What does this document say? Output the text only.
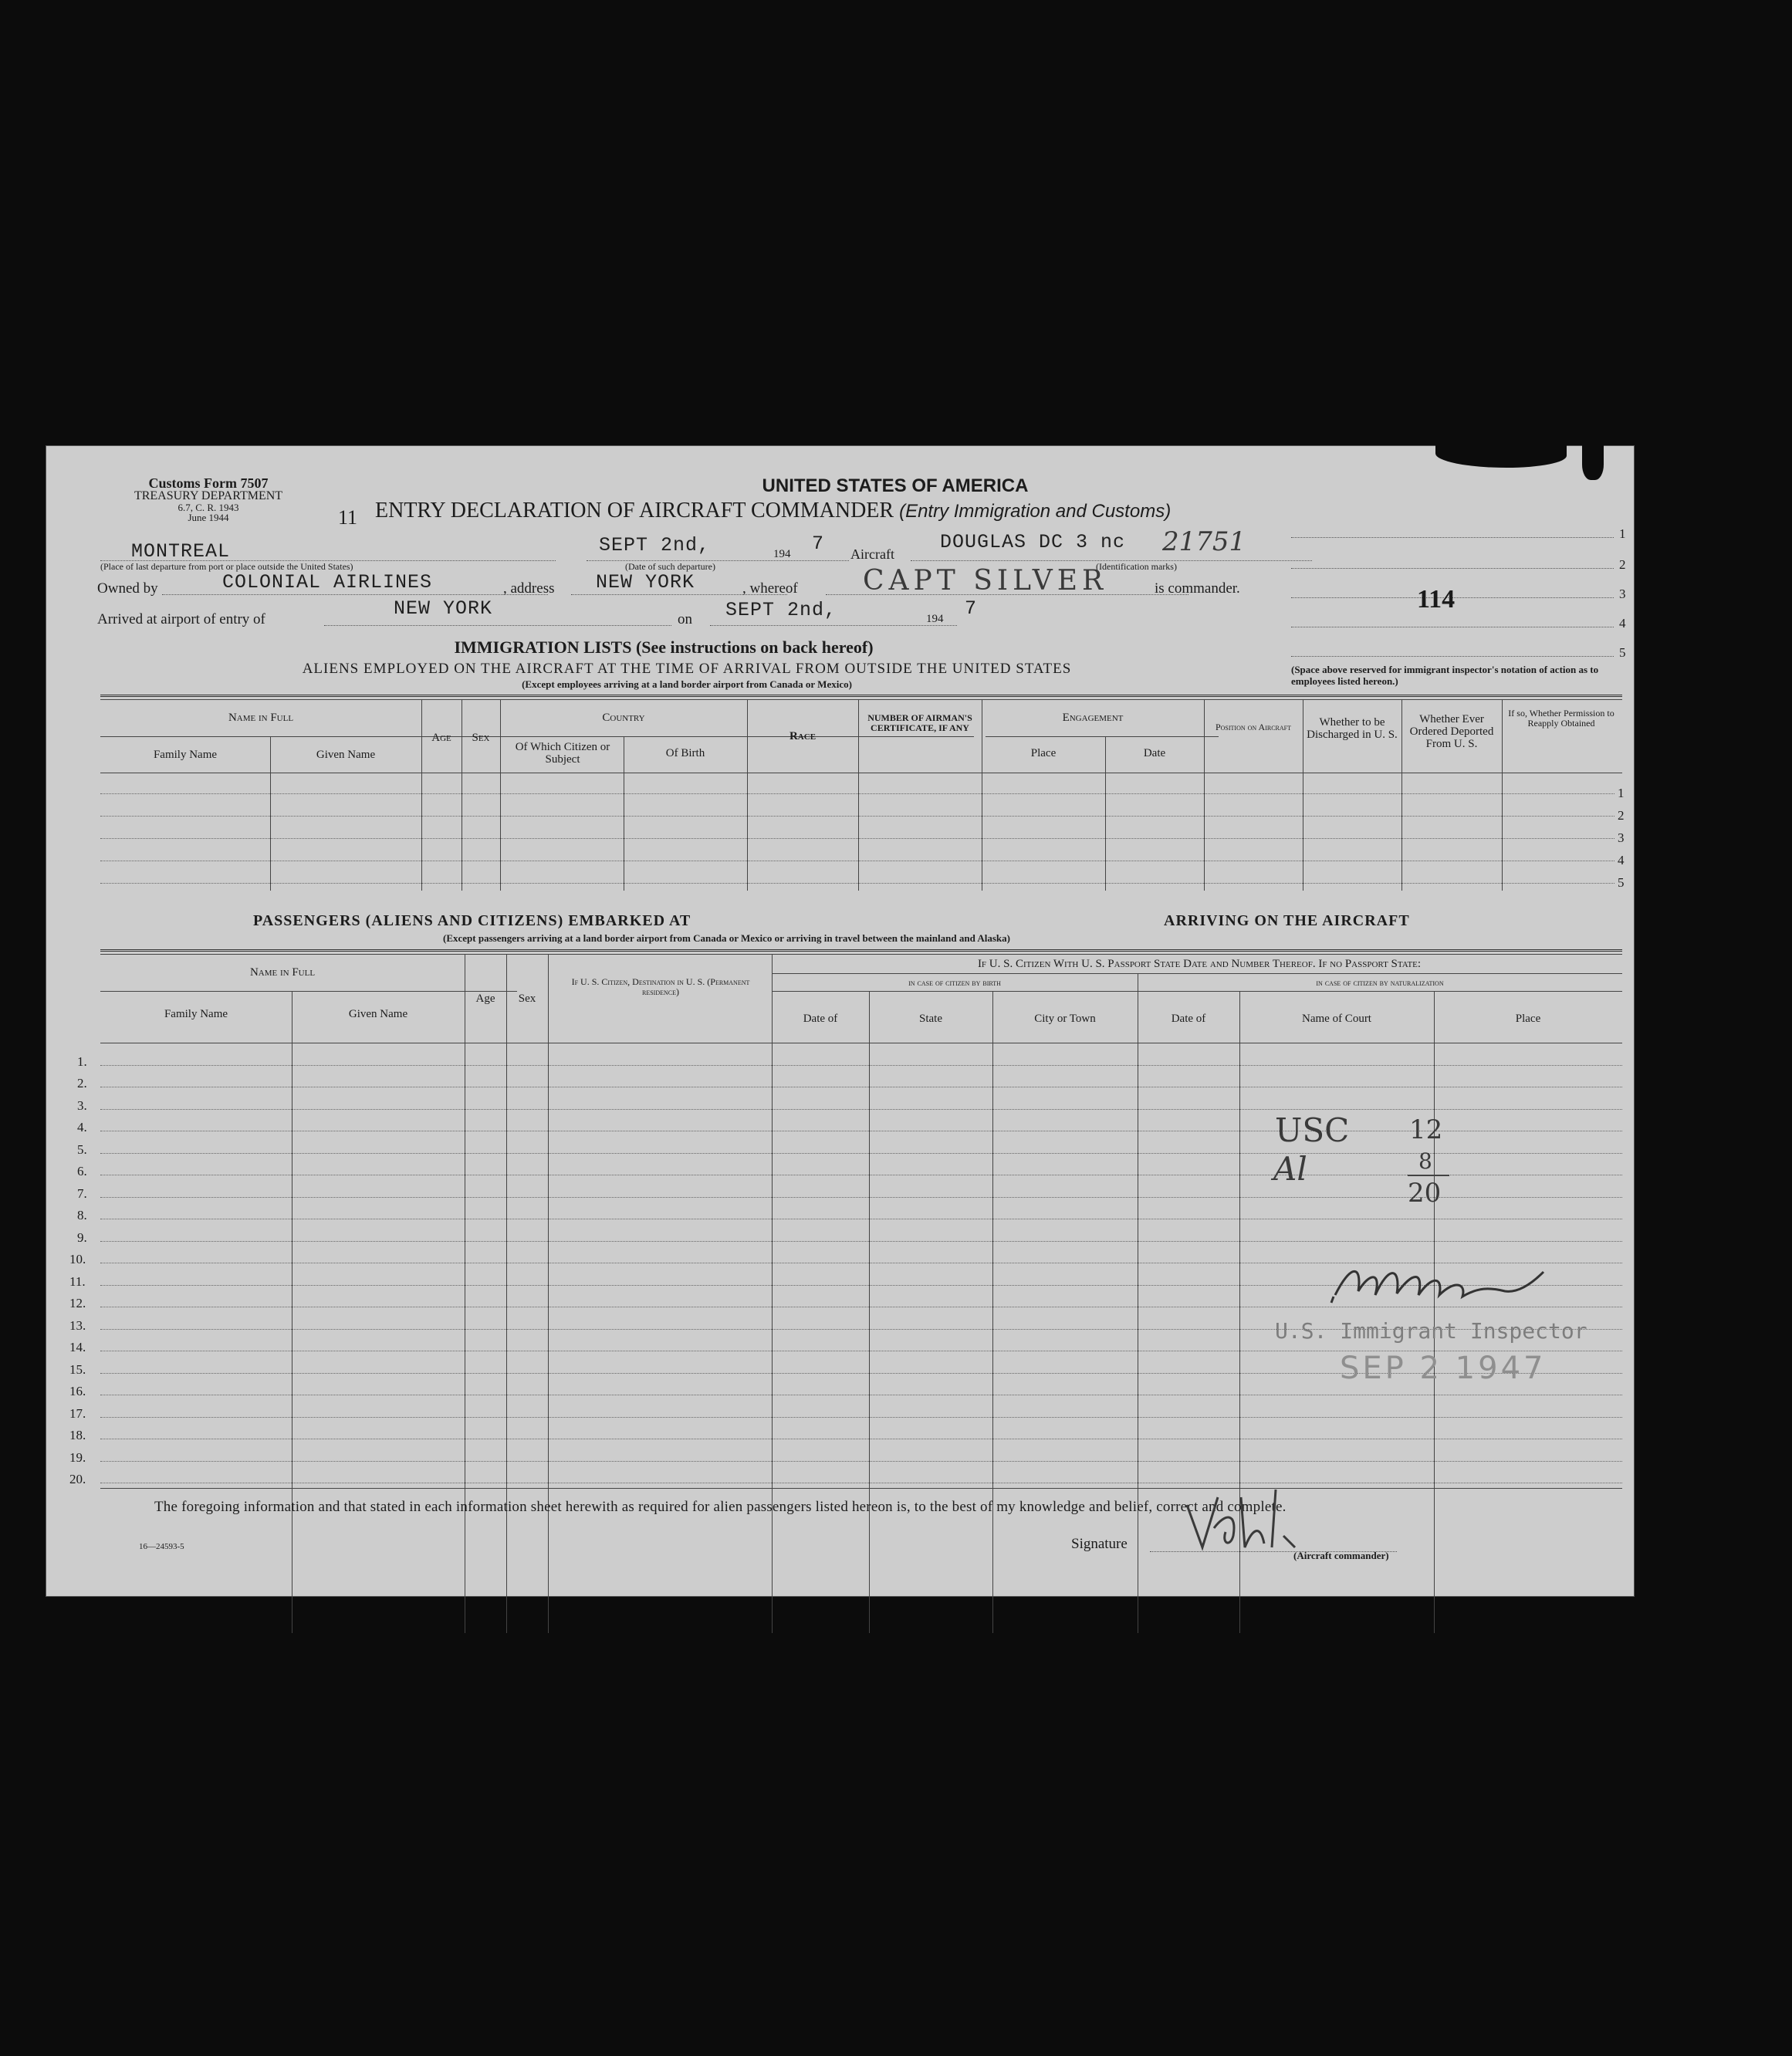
Customs Form 7507
TREASURY DEPARTMENT
6.7, C. R. 1943
June 1944	11
UNITED STATES OF AMERICA
ENTRY DECLARATION OF AIRCRAFT COMMANDER (Entry Immigration and Customs)
MONTREAL
(Place of last departure from port or place outside the United States)
SEPT 2nd,	194 7
(Date of such departure)
Aircraft
DOUGLAS DC 3 nc 21751
(Identification marks)
Owned by	COLONIAL AIRLINES	, address NEW YORK	, whereof CAPT SILVER	is commander.
Arrived at airport of entry of	NEW YORK	on SEPT 2nd,	194 7
1
2
3
4
5
114
(Space above reserved for immigrant inspector's notation of action as to employees listed hereon.)
IMMIGRATION LISTS (See instructions on back hereof)
ALIENS EMPLOYED ON THE AIRCRAFT AT THE TIME OF ARRIVAL FROM OUTSIDE THE UNITED STATES
(Except employees arriving at a land border airport from Canada or Mexico)
Name in Full
Family Name	Given Name
Age	Sex
Country
Of Which Citizen or Subject	Of Birth
Race
NUMBER OF AIRMAN'S CERTIFICATE, IF ANY
Engagement
Place	Date
Position on Aircraft	Whether to be Discharged in U. S.
Whether Ever Ordered Deported From U. S.
If so, Whether Permission to Reapply Obtained
1
2
3
4
5
PASSENGERS (ALIENS AND CITIZENS) EMBARKED AT	ARRIVING ON THE AIRCRAFT
(Except passengers arriving at a land border airport from Canada or Mexico or arriving in travel between the mainland and Alaska)
Name in Full
Family Name	Given Name
Age	Sex
If U. S. Citizen, Destination in U. S. (Permanent residence)
If U. S. Citizen With U. S. Passport State Date and Number Thereof. If no Passport State:
in case of citizen by birth	in case of citizen by naturalization
Date of	State	City or Town	Date of	Name of Court	Place
1.
2.
3.
4.
5.
6.
7.
8.
9.
10.
11.
12.
13.
14.
15.
16.
17.
18.
19.
20.
USC
Al
12
8
20
U.S. Immigrant Inspector
SEP 2 1947
The foregoing information and that stated in each information sheet herewith as required for alien passengers listed hereon is, to the best of my knowledge and belief, correct and complete.
16—24593-5	Signature
(Aircraft commander)
